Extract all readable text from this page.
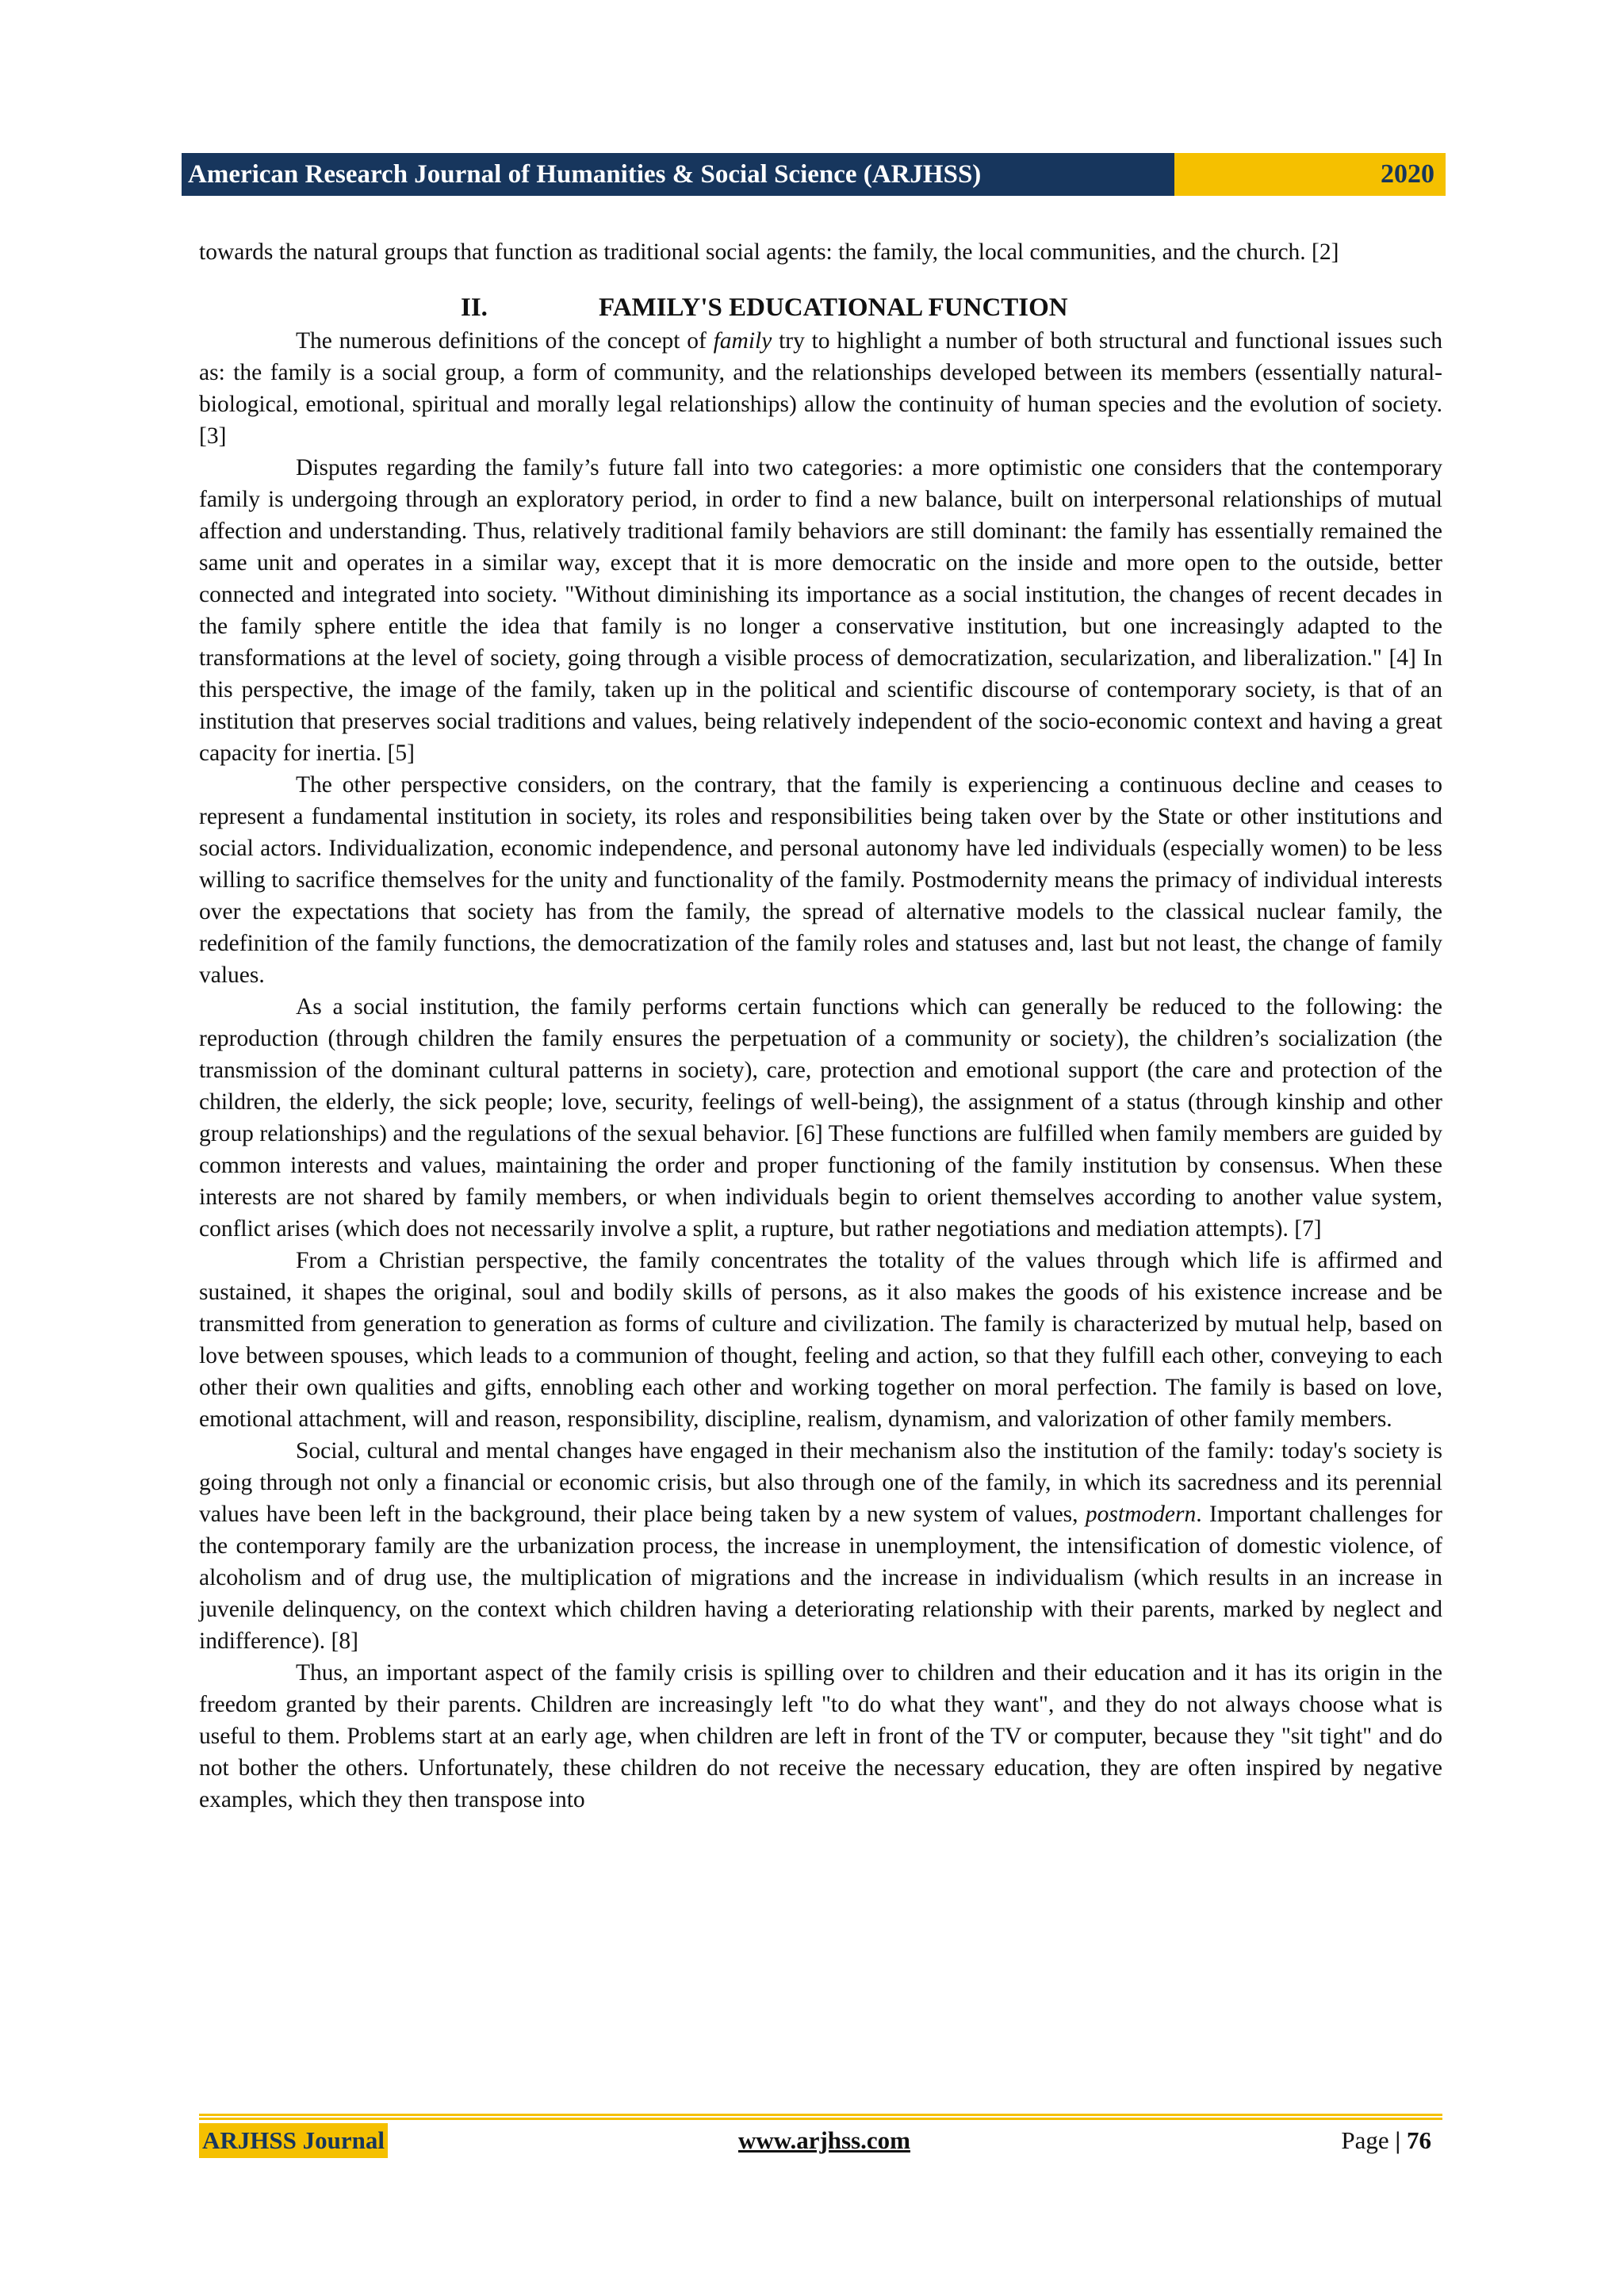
American Research Journal of Humanities & Social Science (ARJHSS)	2020

towards the natural groups that function as traditional social agents: the family, the local communities, and the church. [2]

II.	FAMILY'S EDUCATIONAL FUNCTION

The numerous definitions of the concept of family try to highlight a number of both structural and functional issues such as: the family is a social group, a form of community, and the relationships developed between its members (essentially natural-biological, emotional, spiritual and morally legal relationships) allow the continuity of human species and the evolution of society. [3]

Disputes regarding the family’s future fall into two categories: a more optimistic one considers that the contemporary family is undergoing through an exploratory period, in order to find a new balance, built on interpersonal relationships of mutual affection and understanding. Thus, relatively traditional family behaviors are still dominant: the family has essentially remained the same unit and operates in a similar way, except that it is more democratic on the inside and more open to the outside, better connected and integrated into society. "Without diminishing its importance as a social institution, the changes of recent decades in the family sphere entitle the idea that family is no longer a conservative institution, but one increasingly adapted to the transformations at the level of society, going through a visible process of democratization, secularization, and liberalization." [4] In this perspective, the image of the family, taken up in the political and scientific discourse of contemporary society, is that of an institution that preserves social traditions and values, being relatively independent of the socio-economic context and having a great capacity for inertia. [5]

The other perspective considers, on the contrary, that the family is experiencing a continuous decline and ceases to represent a fundamental institution in society, its roles and responsibilities being taken over by the State or other institutions and social actors. Individualization, economic independence, and personal autonomy have led individuals (especially women) to be less willing to sacrifice themselves for the unity and functionality of the family. Postmodernity means the primacy of individual interests over the expectations that society has from the family, the spread of alternative models to the classical nuclear family, the redefinition of the family functions, the democratization of the family roles and statuses and, last but not least, the change of family values.

As a social institution, the family performs certain functions which can generally be reduced to the following: the reproduction (through children the family ensures the perpetuation of a community or society), the children’s socialization (the transmission of the dominant cultural patterns in society), care, protection and emotional support (the care and protection of the children, the elderly, the sick people; love, security, feelings of well-being), the assignment of a status (through kinship and other group relationships) and the regulations of the sexual behavior. [6] These functions are fulfilled when family members are guided by common interests and values, maintaining the order and proper functioning of the family institution by consensus. When these interests are not shared by family members, or when individuals begin to orient themselves according to another value system, conflict arises (which does not necessarily involve a split, a rupture, but rather negotiations and mediation attempts). [7]

From a Christian perspective, the family concentrates the totality of the values through which life is affirmed and sustained, it shapes the original, soul and bodily skills of persons, as it also makes the goods of his existence increase and be transmitted from generation to generation as forms of culture and civilization. The family is characterized by mutual help, based on love between spouses, which leads to a communion of thought, feeling and action, so that they fulfill each other, conveying to each other their own qualities and gifts, ennobling each other and working together on moral perfection. The family is based on love, emotional attachment, will and reason, responsibility, discipline, realism, dynamism, and valorization of other family members.

Social, cultural and mental changes have engaged in their mechanism also the institution of the family: today's society is going through not only a financial or economic crisis, but also through one of the family, in which its sacredness and its perennial values have been left in the background, their place being taken by a new system of values, postmodern. Important challenges for the contemporary family are the urbanization process, the increase in unemployment, the intensification of domestic violence, of alcoholism and of drug use, the multiplication of migrations and the increase in individualism (which results in an increase in juvenile delinquency, on the context which children having a deteriorating relationship with their parents, marked by neglect and indifference). [8]

Thus, an important aspect of the family crisis is spilling over to children and their education and it has its origin in the freedom granted by their parents. Children are increasingly left "to do what they want", and they do not always choose what is useful to them. Problems start at an early age, when children are left in front of the TV or computer, because they "sit tight" and do not bother the others. Unfortunately, these children do not receive the necessary education, they are often inspired by negative examples, which they then transpose into

ARJHSS Journal	www.arjhss.com	Page | 76
